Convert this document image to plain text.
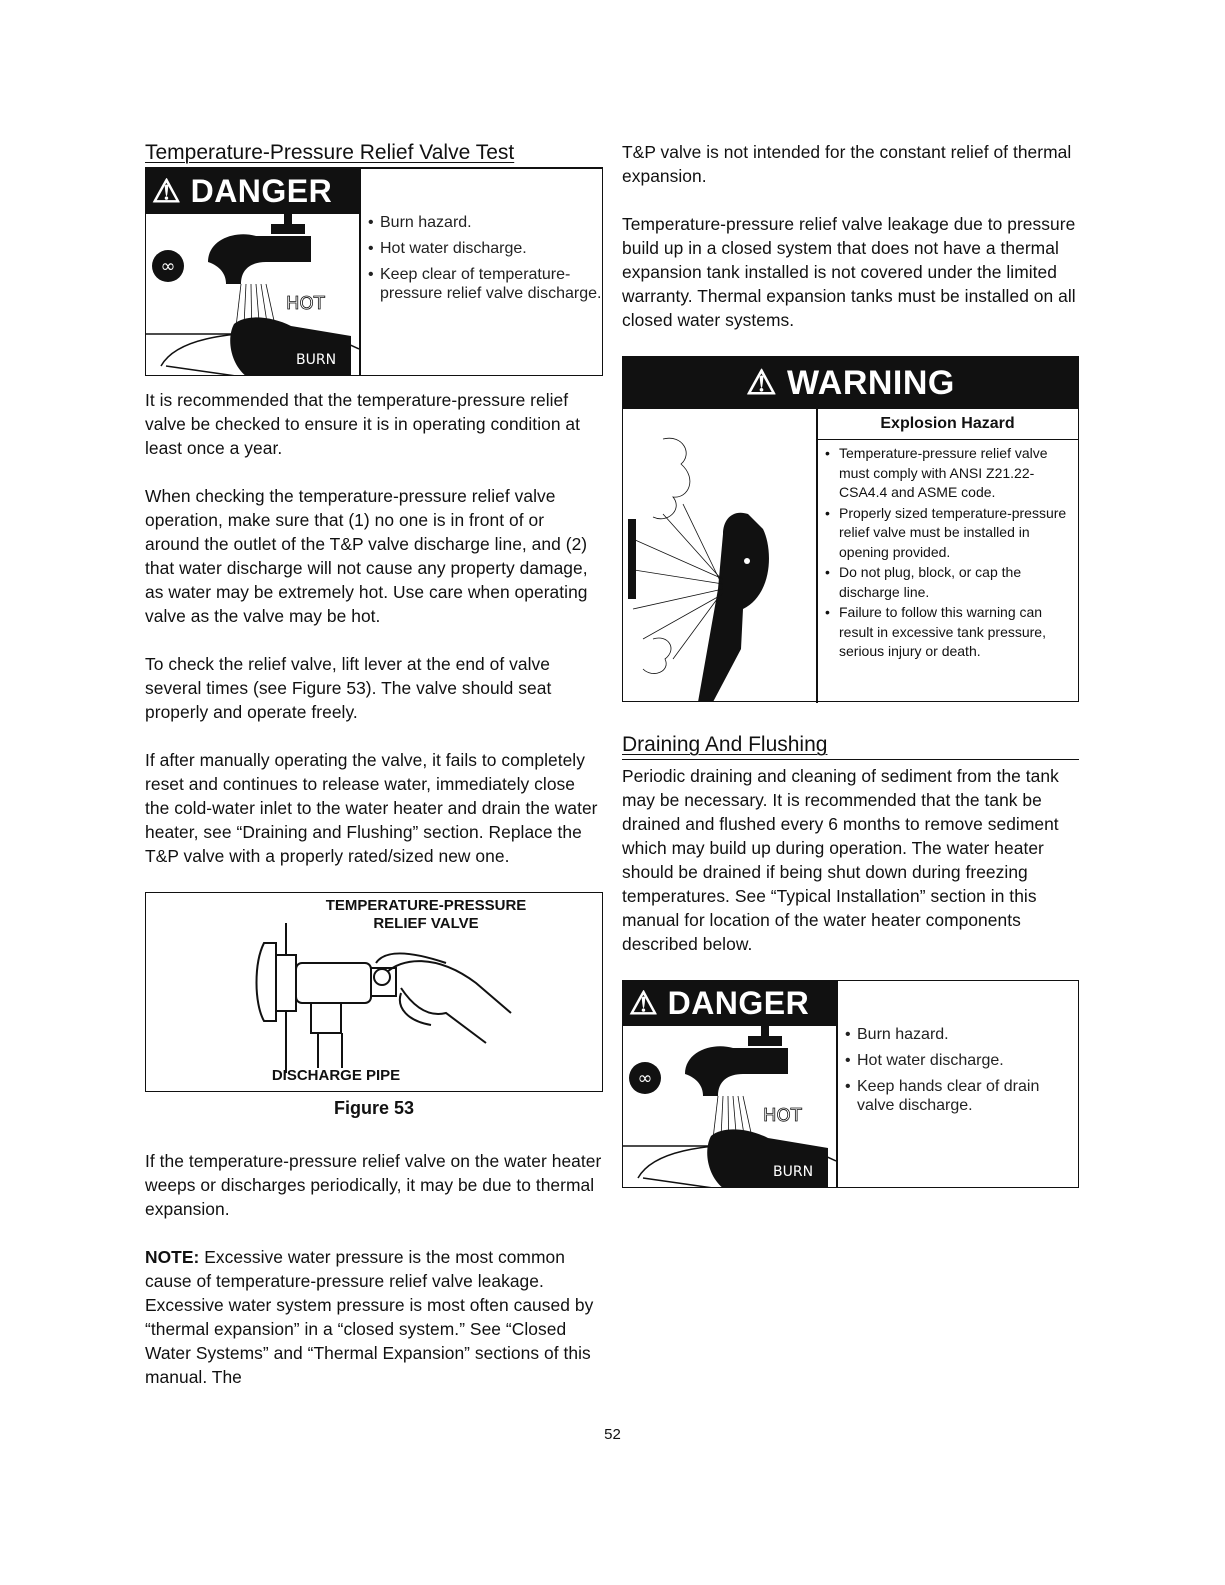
Temperature-Pressure Relief Valve Test
⚠ DANGER
∞
HOT
BURN
• Burn hazard.
• Hot water discharge.
• Keep clear of temperature-pressure relief valve discharge.

It is recommended that the temperature-pressure relief valve be checked to ensure it is in operating condition at least once a year.

When checking the temperature-pressure relief valve operation, make sure that (1) no one is in front of or around the outlet of the T&P valve discharge line, and (2) that water discharge will not cause any property damage, as water may be extremely hot. Use care when operating valve as the valve may be hot.

To check the relief valve, lift lever at the end of valve several times (see Figure 53). The valve should seat properly and operate freely.

If after manually operating the valve, it fails to completely reset and continues to release water, immediately close the cold-water inlet to the water heater and drain the water heater, see “Draining and Flushing” section. Replace the T&P valve with a properly rated/sized new one.

TEMPERATURE-PRESSURE
RELIEF VALVE
DISCHARGE PIPE
Figure 53

If the temperature-pressure relief valve on the water heater weeps or discharges periodically, it may be due to thermal expansion.

NOTE: Excessive water pressure is the most common cause of temperature-pressure relief valve leakage. Excessive water system pressure is most often caused by “thermal expansion” in a “closed system.” See “Closed Water Systems” and “Thermal Expansion” sections of this manual. The

T&P valve is not intended for the constant relief of thermal expansion.

Temperature-pressure relief valve leakage due to pressure build up in a closed system that does not have a thermal expansion tank installed is not covered under the limited warranty. Thermal expansion tanks must be installed on all closed water systems.

⚠ WARNING
Explosion Hazard
• Temperature-pressure relief valve must comply with ANSI Z21.22-CSA4.4 and ASME code.
• Properly sized temperature-pressure relief valve must be installed in opening provided.
• Do not plug, block, or cap the discharge line.
• Failure to follow this warning can result in excessive tank pressure, serious injury or death.
Draining And Flushing

Periodic draining and cleaning of sediment from the tank may be necessary. It is recommended that the tank be drained and flushed every 6 months to remove sediment which may build up during operation. The water heater should be drained if being shut down during freezing temperatures. See “Typical Installation” section in this manual for location of the water heater components described below.

⚠ DANGER
∞
HOT
BURN
• Burn hazard.
• Hot water discharge.
• Keep hands clear of drain valve discharge.
52
